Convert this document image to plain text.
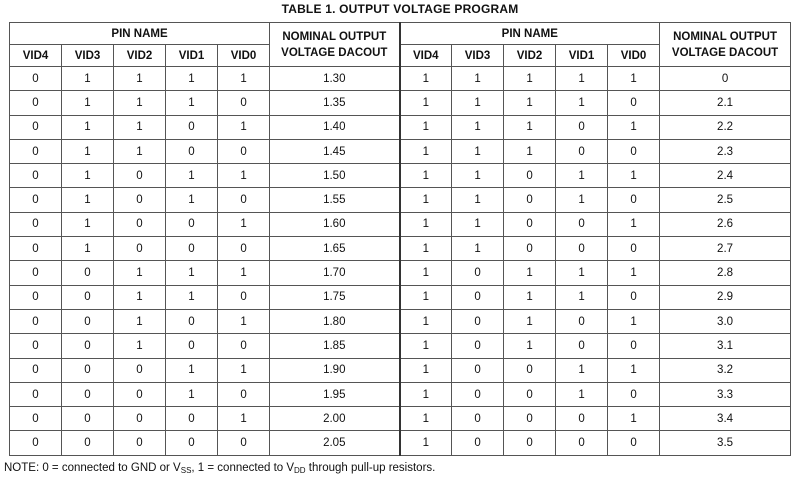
TABLE 1. OUTPUT VOLTAGE PROGRAM
PIN NAME					NOMINAL OUTPUT
VOLTAGE DACOUT	PIN NAME					NOMINAL OUTPUT
VOLTAGE DACOUT
VID4	VID3	VID2	VID1	VID0		VID4	VID3	VID2	VID1	VID0	
0	1	1	1	1	1.30	1	1	1	1	1	0
0	1	1	1	0	1.35	1	1	1	1	0	2.1
0	1	1	0	1	1.40	1	1	1	0	1	2.2
0	1	1	0	0	1.45	1	1	1	0	0	2.3
0	1	0	1	1	1.50	1	1	0	1	1	2.4
0	1	0	1	0	1.55	1	1	0	1	0	2.5
0	1	0	0	1	1.60	1	1	0	0	1	2.6
0	1	0	0	0	1.65	1	1	0	0	0	2.7
0	0	1	1	1	1.70	1	0	1	1	1	2.8
0	0	1	1	0	1.75	1	0	1	1	0	2.9
0	0	1	0	1	1.80	1	0	1	0	1	3.0
0	0	1	0	0	1.85	1	0	1	0	0	3.1
0	0	0	1	1	1.90	1	0	0	1	1	3.2
0	0	0	1	0	1.95	1	0	0	1	0	3.3
0	0	0	0	1	2.00	1	0	0	0	1	3.4
0	0	0	0	0	2.05	1	0	0	0	0	3.5
NOTE: 0 = connected to GND or $V_{SS}$, 1 = connected to $V_{DD}$ through pull-up resistors.
